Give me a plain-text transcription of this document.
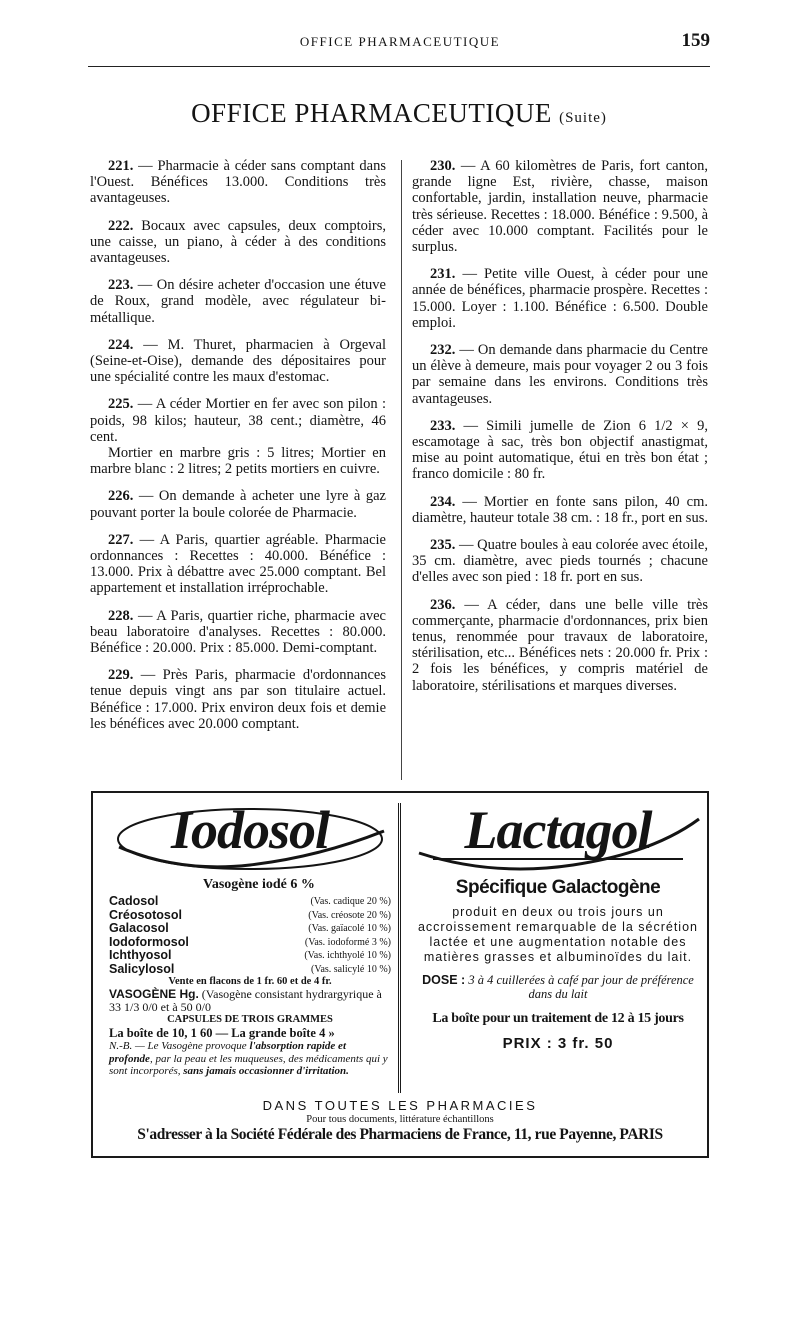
OFFICE PHARMACEUTIQUE	159
OFFICE PHARMACEUTIQUE (Suite)

221. — Pharmacie à céder sans comptant dans l'Ouest. Bénéfices 13.000. Conditions très avantageuses.

222. Bocaux avec capsules, deux comptoirs, une caisse, un piano, à céder à des conditions avantageuses.

223. — On désire acheter d'occasion une étuve de Roux, grand modèle, avec régulateur bi-métallique.

224. — M. Thuret, pharmacien à Orgeval (Seine-et-Oise), demande des dépositaires pour une spécialité contre les maux d'estomac.

225. — A céder Mortier en fer avec son pilon : poids, 98 kilos; hauteur, 38 cent.; diamètre, 46 cent.

Mortier en marbre gris : 5 litres; Mortier en marbre blanc : 2 litres; 2 petits mortiers en cuivre.

226. — On demande à acheter une lyre à gaz pouvant porter la boule colorée de Pharmacie.

227. — A Paris, quartier agréable. Pharmacie ordonnances : Recettes : 40.000. Bénéfice : 13.000. Prix à débattre avec 25.000 comptant. Bel appartement et installation irréprochable.

228. — A Paris, quartier riche, pharmacie avec beau laboratoire d'analyses. Recettes : 80.000. Bénéfice : 20.000. Prix : 85.000. Demi-comptant.

229. — Près Paris, pharmacie d'ordonnances tenue depuis vingt ans par son titulaire actuel. Bénéfice : 17.000. Prix environ deux fois et demie les bénéfices avec 20.000 comptant.

230. — A 60 kilomètres de Paris, fort canton, grande ligne Est, rivière, chasse, maison confortable, jardin, installation neuve, pharmacie très sérieuse. Recettes : 18.000. Bénéfice : 9.500, à céder avec 10.000 comptant. Facilités pour le surplus.

231. — Petite ville Ouest, à céder pour une année de bénéfices, pharmacie prospère. Recettes : 15.000. Loyer : 1.100. Bénéfice : 6.500. Double emploi.

232. — On demande dans pharmacie du Centre un élève à demeure, mais pour voyager 2 ou 3 fois par semaine dans les environs. Conditions très avantageuses.

233. — Simili jumelle de Zion 6 1/2 × 9, escamotage à sac, très bon objectif anastigmat, mise au point automatique, étui en très bon état ; franco domicile : 80 fr.

234. — Mortier en fonte sans pilon, 40 cm. diamètre, hauteur totale 38 cm. : 18 fr., port en sus.

235. — Quatre boules à eau colorée avec étoile, 35 cm. diamètre, avec pieds tournés ; chacune d'elles avec son pied : 18 fr. port en sus.

236. — A céder, dans une belle ville très commerçante, pharmacie d'ordonnances, prix bien tenus, renommée pour travaux de laboratoire, stérilisation, etc... Bénéfices nets : 20.000 fr. Prix : 2 fois les bénéfices, y compris matériel de laboratoire, stérilisations et marques diverses.

Iodosol
Vasogène iodé 6 %
Cadosol	(Vas. cadique 20 %)
Créosotosol	(Vas. créosote 20 %)
Galacosol	(Vas. gaïacolé 10 %)
Iodoformosol	(Vas. iodoformé 3 %)
Ichthyosol	(Vas. ichthyolé 10 %)
Salicylosol	(Vas. salicylé 10 %)
Vente en flacons de 1 fr. 60 et de 4 fr.
VASOGÈNE Hg. (Vasogène consistant hydrargyrique à 33 1/3 0/0 et à 50 0/0
CAPSULES DE TROIS GRAMMES
La boîte de 10, 1 60 — La grande boîte 4 »
N.-B. — Le Vasogène provoque l'absorption rapide et profonde, par la peau et les muqueuses, des médicaments qui y sont incorporés, sans jamais occasionner d'irritation.
Lactagol
Spécifique Galactogène
produit en deux ou trois jours un accroissement remarquable de la sécrétion lactée et une augmentation notable des matières grasses et albuminoïdes du lait.
DOSE : 3 à 4 cuillerées à café par jour de préférence dans du lait
La boîte pour un traitement de 12 à 15 jours
PRIX : 3 fr. 50
DANS TOUTES LES PHARMACIES
Pour tous documents, littérature échantillons
S'adresser à la Société Fédérale des Pharmaciens de France, 11, rue Payenne, PARIS
